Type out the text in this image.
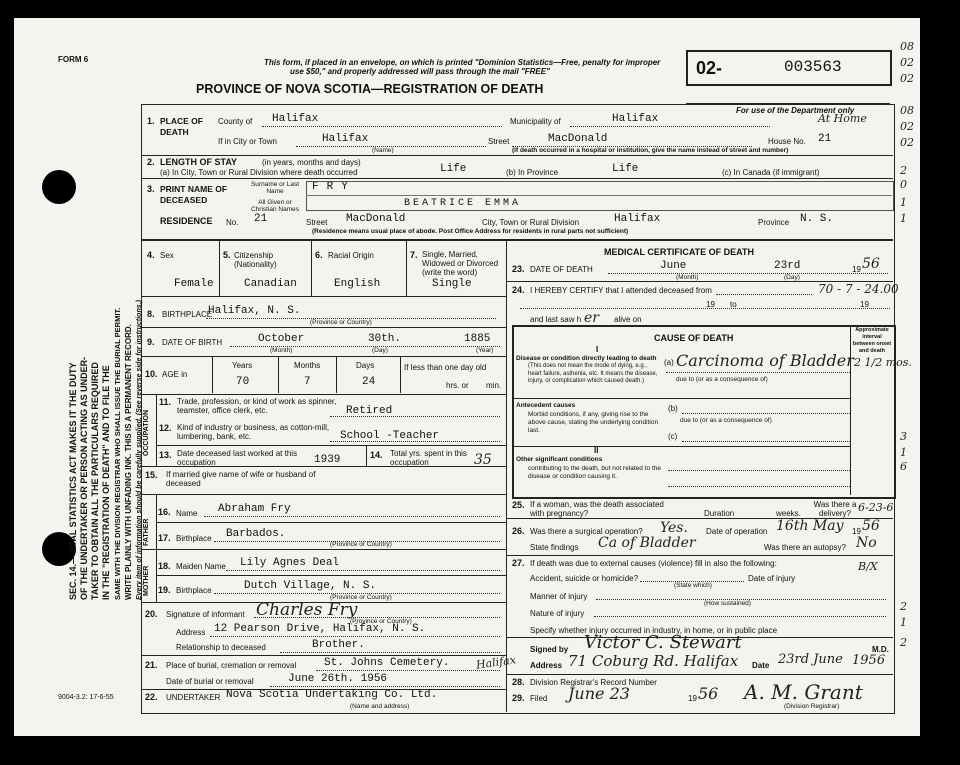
FORM 6	This form, if placed in an envelope, on which is printed "Dominion Statistics—Free, penalty for improper
use $50," and properly addressed will pass through the mail "FREE"
PROVINCE OF NOVA SCOTIA—REGISTRATION OF DEATH
02-	003563
For use of the Department only
At Home
SEC. 14.—VITAL STATISTICS ACT MAKES IT THE DUTY OF THE UNDERTAKER OR PERSON ACTING AS UNDER- TAKER TO OBTAIN ALL THE PARTICULARS REQUIRED IN THE "REGISTRATION OF DEATH" AND TO FILE THE SAME WITH THE DIVISION REGISTRAR WHO SHALL ISSUE THE BURIAL PERMIT. WRITE PLAINLY WITH UNFADING INK. THIS IS A PERMANENT RECORD. Every item of information should be carefully supplied. (See reverse side for instructions.)
9004-3.2: 17-6-55
1. PLACE OF DEATH
County of Halifax	Municipality of	Halifax
If in City or Town	Halifax
(Name)
Street	MacDonald	House No. 21
(If death occurred in a hospital or institution, give the name instead of street and number)
2. LENGTH OF STAY	(in years, months and days)
(a) In City, Town or Rural Division where death occurred	Life	(b) In Province	Life	(c) In Canada (if immigrant)
3. PRINT NAME OF DECEASED
Surname or Last Name	FRY
All Given or Christian Names
BEATRICE EMMA
RESIDENCE No. 21	Street MacDonald	City, Town or Rural Division	Halifax	Province N. S.
(Residence means usual place of abode. Post Office Address for residents in rural parts not sufficient)
4. Sex
Female
5. Citizenship (Nationality)
Canadian
6. Racial Origin
English
7. Single, Married, Widowed or Divorced (write the word)
Single
8. BIRTHPLACE
Halifax, N. S.
(Province or Country)
9. DATE OF BIRTH	October	30th.	1885
(Month)	(Day)	(Year)
10. AGE in
Years	Months	Days
70	7	24
If less than one day old
hrs. or min.
OCCUPATION
11. Trade, profession, or kind of work as spinner, teamster, office clerk, etc.	Retired
12. Kind of industry or business, as cotton-mill, lumbering, bank, etc.	School -Teacher
13. Date deceased last worked at this occupation	1939	14. Total yrs. spent in this occupation	35
15. If married give name of wife or husband of deceased
FATHER
16. Name Abraham Fry
17. Birthplace Barbados.
(Province or Country)
MOTHER 18. Maiden Name Lily Agnes Deal
19. Birthplace	Dutch Village, N. S.
(Province or Country)
20. Signature of informant Charles Fry
(Province or Country)
Address 12 Pearson Drive, Halifax, N. S.
Relationship to deceased	Brother.
21. Place of burial, cremation or removal	St. Johns Cemetery. Halifax
Date of burial or removal	June 26th. 1956
22. UNDERTAKER Nova Scotia Undertaking Co. Ltd.
(Name and address)
MEDICAL CERTIFICATE OF DEATH
23. DATE OF DEATH	June	23rd	19 56
(Month)	(Day)
24. I HEREBY CERTIFY that I attended deceased from	70 - 7 - 24.00
19 to	19
and last saw h er alive on
CAUSE OF DEATH
Approximate interval between onset and death
I
Disease or condition directly leading to death
(This does not mean the mode of dying, e.g., heart failure, asthenia, etc. It means the disease, injury, or complication which caused death.)
(a) Carcinoma of Bladder 2 1/2 mos.
due to (or as a consequence of)
Antecedent causes
Morbid conditions, if any, giving rise to the above cause, stating the underlying condition last.
(b)
due to (or as a consequence of)
(c)
II
Other significant conditions
contributing to the death, but not related to the disease or condition causing it.
25. If a woman, was the death associated with pregnancy?	Duration	weeks.
Was there a delivery? 6-23-6
26. Was there a surgical operation? Yes. Date of operation 16th May 19 56
State findings Ca of Bladder	Was there an autopsy? No
27. If death was due to external causes (violence) fill in also the following:	B/X
Accident, suicide or homicide?
(State which)
Date of injury
Manner of injury
(How sustained)
Nature of injury
Specify whether injury occurred in industry, in home, or in public place
Signed by Victor C. Stewart	M.D.
Address 71 Coburg Rd. Halifax Date 23rd June 1956
28. Division Registrar's Record Number
29. Filed June 23	19 56 A. M. Grant
(Division Registrar)
08
02
02
08
02
02
2
0
1
1
3
1
6
2
1
2
